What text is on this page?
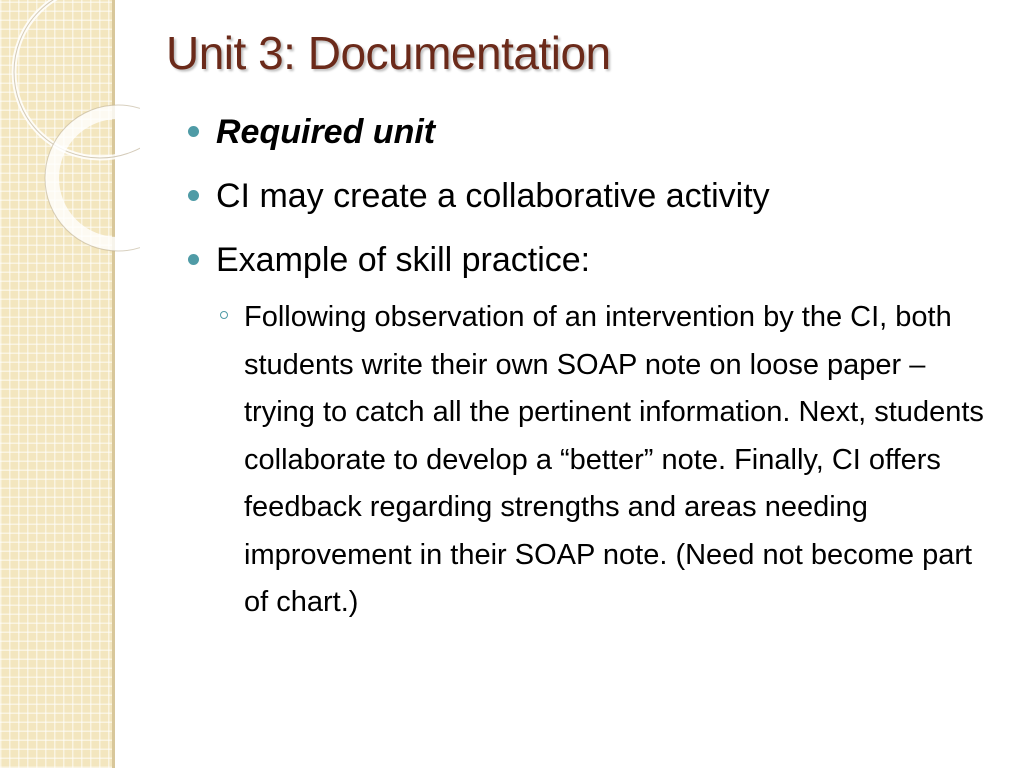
Unit 3: Documentation
Required unit
CI may create a collaborative activity
Example of skill practice:
Following observation of an intervention by the CI, both students write their own SOAP note on loose paper – trying to catch all the pertinent information. Next, students collaborate to develop a “better” note. Finally, CI offers feedback regarding strengths and areas needing improvement in their SOAP note. (Need not become part of chart.)
